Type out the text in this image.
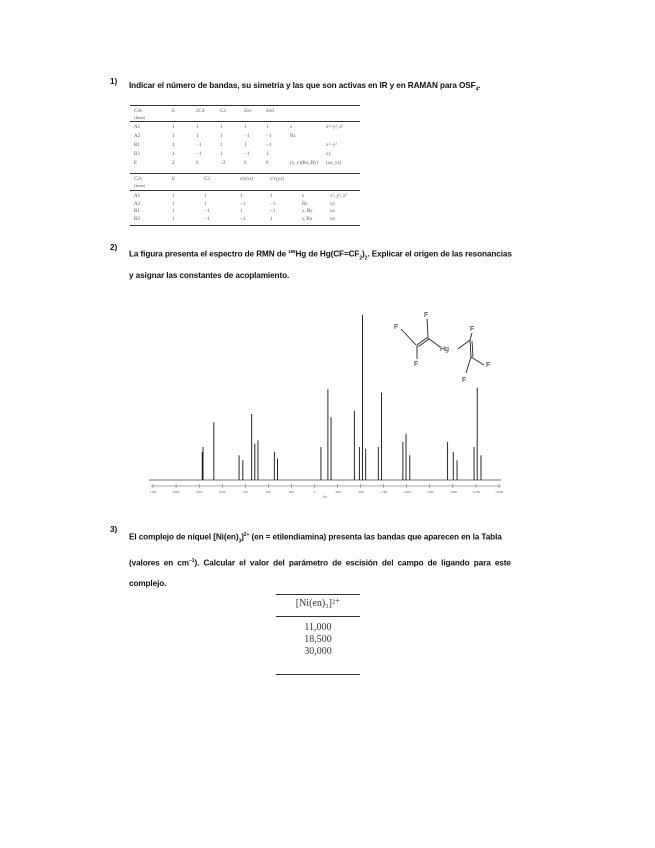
1) Indicar el número de bandas, su simetría y las que son activas en IR y en RAMAN para $OSF_4$.
C4v	E	2C4	C2	2σv	2σd
(4mm)
A1	1	1	1	1	1	z	x²+y², z²
A2	1	1	1	−1	−1	Rz
B1	1	−1	1	1	−1	x²−y²
B2	1	−1	1	−1	1	xy
E	2	0	−2	0	0	(x, y)(Rx, Ry) (xz, yz)
C2v	E	C2	σv(xz)	σ'v(yz)
(2mm)
A1	1	1	1	1	z	x², y², z²
A2	1	1	−1	−1	Rz	xy
B1	1	−1	1	−1	x, Ry	xz
B2	1	−1	−1	1	y, Rx	yz
2)
La figura presenta el espectro de RMN de $^{199}$Hg de $Hg(CF=CF_2)_2$. Explicar el origen de las resonancias
y asignar las constantes de acoplamiento.
F
F
F
Hg
F
F
F
1750	1500	1250	1000	750	500	250	0	−250	−500	−750	−1000	−1250	−1500	−1750	−2000
Hz
3)
El complejo de níquel $[Ni(en)_3]^{2+}$ (en = etilendiamina) presenta las bandas que aparecen en la Tabla
(valores en $cm^{-1}$). Calcular el valor del parámetro de escisión del campo de ligando para este
complejo.
[Ni(en)₃]²⁺
11,000
18,500
30,000
